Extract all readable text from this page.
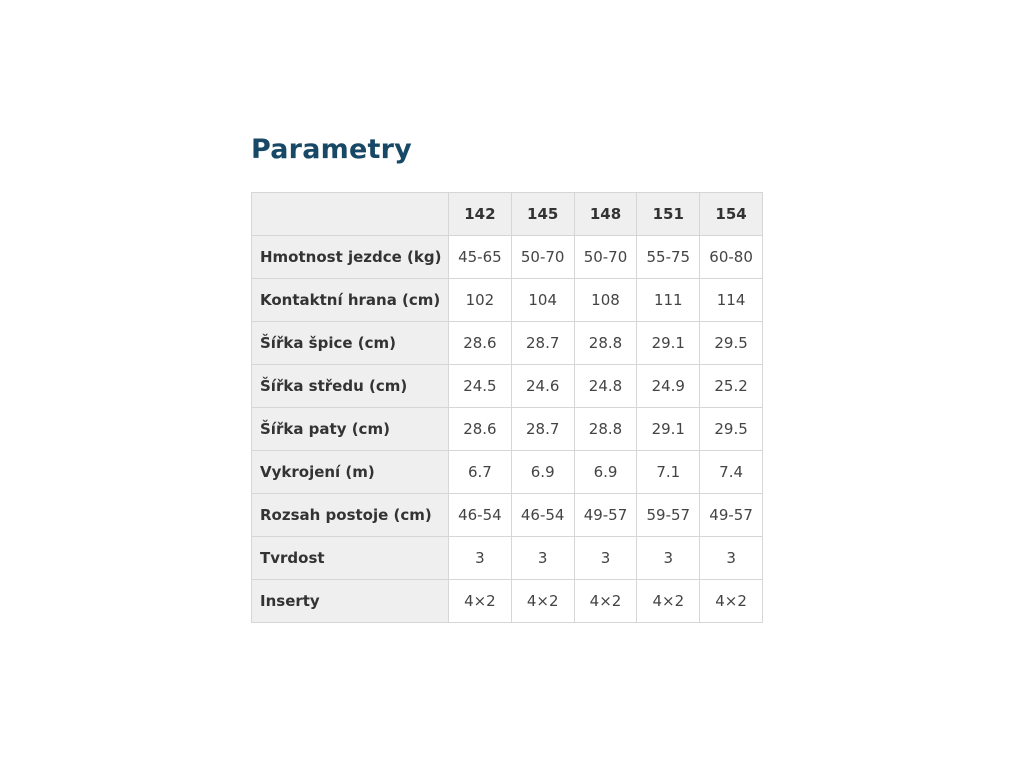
Parametry
	142	145	148	151	154
Hmotnost jezdce (kg)	45-65	50-70	50-70	55-75	60-80
Kontaktní hrana (cm)	102	104	108	111	114
Šířka špice (cm)	28.6	28.7	28.8	29.1	29.5
Šířka středu (cm)	24.5	24.6	24.8	24.9	25.2
Šířka paty (cm)	28.6	28.7	28.8	29.1	29.5
Vykrojení (m)	6.7	6.9	6.9	7.1	7.4
Rozsah postoje (cm)	46-54	46-54	49-57	59-57	49-57
Tvrdost	3	3	3	3	3
Inserty	4×2	4×2	4×2	4×2	4×2
